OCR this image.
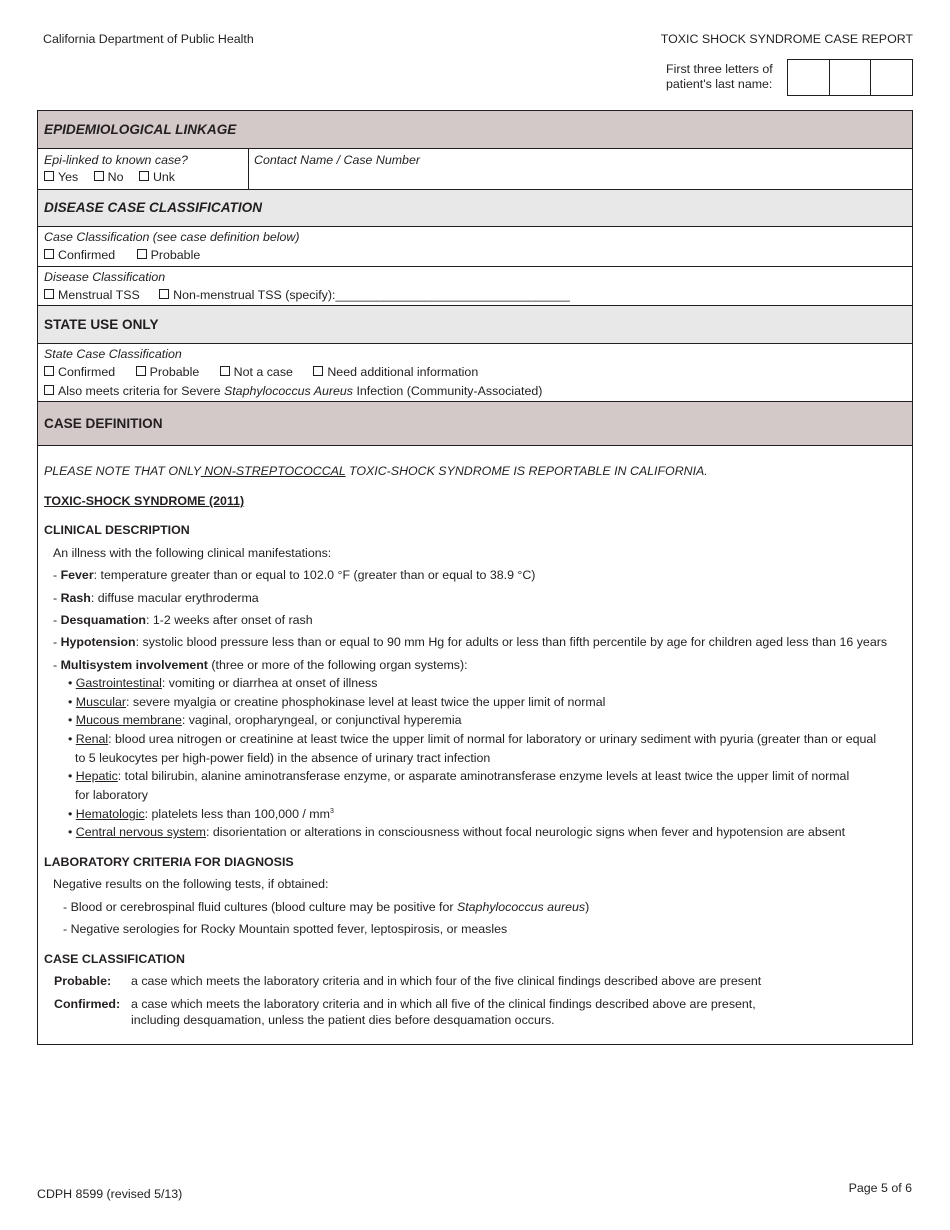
California Department of Public Health	TOXIC SHOCK SYNDROME CASE REPORT
First three letters of
patient's last name:
EPIDEMIOLOGICAL LINKAGE
Epi-linked to known case?
Yes No Unk
Contact Name / Case Number
DISEASE CASE CLASSIFICATION
Case Classification (see case definition below)
Confirmed	Probable
Disease Classification
Menstrual TSS	Non-menstrual TSS (specify):__________________________________
STATE USE ONLY
State Case Classification
Confirmed	Probable	Not a case	Need additional information
Also meets criteria for Severe Staphylococcus Aureus Infection (Community-Associated)
CASE DEFINITION
PLEASE NOTE THAT ONLY NON-STREPTOCOCCAL TOXIC-SHOCK SYNDROME IS REPORTABLE IN CALIFORNIA.
TOXIC-SHOCK SYNDROME (2011)
CLINICAL DESCRIPTION
An illness with the following clinical manifestations:
- Fever: temperature greater than or equal to 102.0 °F (greater than or equal to 38.9 °C)
- Rash: diffuse macular erythroderma
- Desquamation: 1-2 weeks after onset of rash
- Hypotension: systolic blood pressure less than or equal to 90 mm Hg for adults or less than fifth percentile by age for children aged less than 16 years
- Multisystem involvement (three or more of the following organ systems):
• Gastrointestinal: vomiting or diarrhea at onset of illness
• Muscular: severe myalgia or creatine phosphokinase level at least twice the upper limit of normal
• Mucous membrane: vaginal, oropharyngeal, or conjunctival hyperemia
• Renal: blood urea nitrogen or creatinine at least twice the upper limit of normal for laboratory or urinary sediment with pyuria (greater than or equal
to 5 leukocytes per high-power field) in the absence of urinary tract infection
• Hepatic: total bilirubin, alanine aminotransferase enzyme, or asparate aminotransferase enzyme levels at least twice the upper limit of normal
for laboratory
• Hematologic: platelets less than $100,000 / mm^3$
• Central nervous system: disorientation or alterations in consciousness without focal neurologic signs when fever and hypotension are absent
LABORATORY CRITERIA FOR DIAGNOSIS
Negative results on the following tests, if obtained:
- Blood or cerebrospinal fluid cultures (blood culture may be positive for Staphylococcus aureus)
- Negative serologies for Rocky Mountain spotted fever, leptospirosis, or measles
CASE CLASSIFICATION
Probable: a case which meets the laboratory criteria and in which four of the five clinical findings described above are present
Confirmed: a case which meets the laboratory criteria and in which all five of the clinical findings described above are present,
including desquamation, unless the patient dies before desquamation occurs.
CDPH 8599 (revised 5/13)	Page 5 of 6
